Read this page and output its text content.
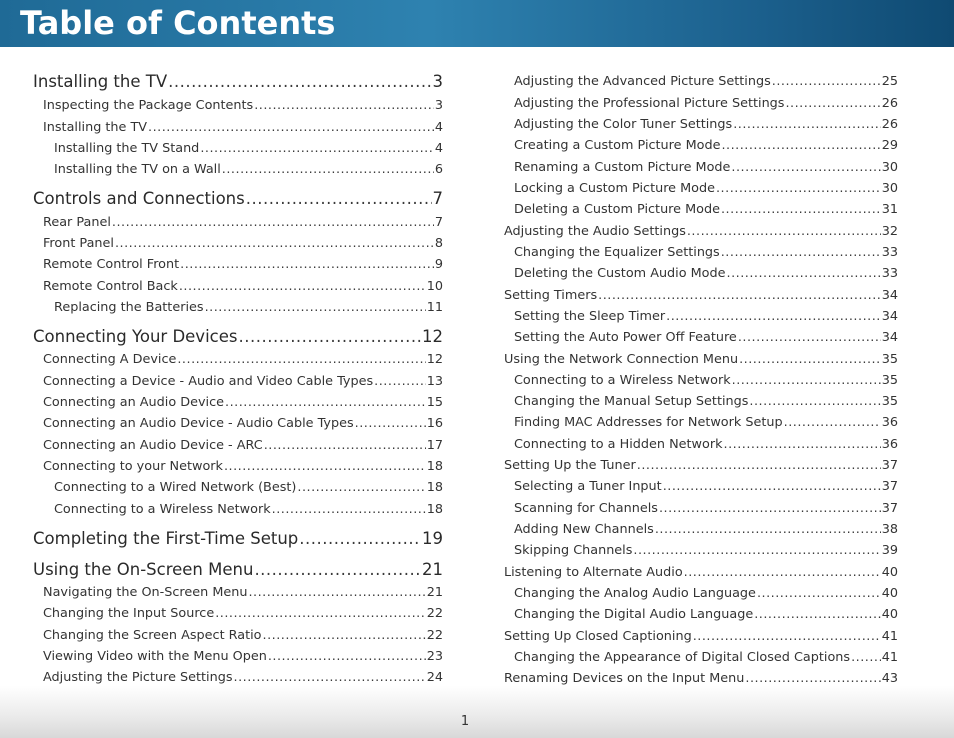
Table of Contents
Installing the TV .....	3
Inspecting the Package Contents .....	3
Installing the TV .....	4
Installing the TV Stand .....	4
Installing the TV on a Wall .....	6
Controls and Connections .....	7
Rear Panel .....	7
Front Panel .....	8
Remote Control Front .....	9
Remote Control Back .....	10
Replacing the Batteries .....	11
Connecting Your Devices .....	12
Connecting A Device .....	12
Connecting a Device - Audio and Video Cable Types .....	13
Connecting an Audio Device .....	15
Connecting an Audio Device - Audio Cable Types .....	16
Connecting an Audio Device - ARC .....	17
Connecting to your Network .....	18
Connecting to a Wired Network (Best) .....	18
Connecting to a Wireless Network .....	18
Completing the First-Time Setup .....	19
Using the On-Screen Menu .....	21
Navigating the On-Screen Menu .....	21
Changing the Input Source .....	22
Changing the Screen Aspect Ratio .....	22
Viewing Video with the Menu Open .....	23
Adjusting the Picture Settings .....	24
Adjusting the Advanced Picture Settings .....	25
Adjusting the Professional Picture Settings .....	26
Adjusting the Color Tuner Settings .....	26
Creating a Custom Picture Mode .....	29
Renaming a Custom Picture Mode .....	30
Locking a Custom Picture Mode .....	30
Deleting a Custom Picture Mode .....	31
Adjusting the Audio Settings .....	32
Changing the Equalizer Settings .....	33
Deleting the Custom Audio Mode .....	33
Setting Timers .....	34
Setting the Sleep Timer .....	34
Setting the Auto Power Off Feature .....	34
Using the Network Connection Menu .....	35
Connecting to a Wireless Network .....	35
Changing the Manual Setup Settings .....	35
Finding MAC Addresses for Network Setup .....	36
Connecting to a Hidden Network .....	36
Setting Up the Tuner .....	37
Selecting a Tuner Input .....	37
Scanning for Channels .....	37
Adding New Channels .....	38
Skipping Channels .....	39
Listening to Alternate Audio .....	40
Changing the Analog Audio Language .....	40
Changing the Digital Audio Language .....	40
Setting Up Closed Captioning .....	41
Changing the Appearance of Digital Closed Captions ..... 41
Renaming Devices on the Input Menu .....	43
1
